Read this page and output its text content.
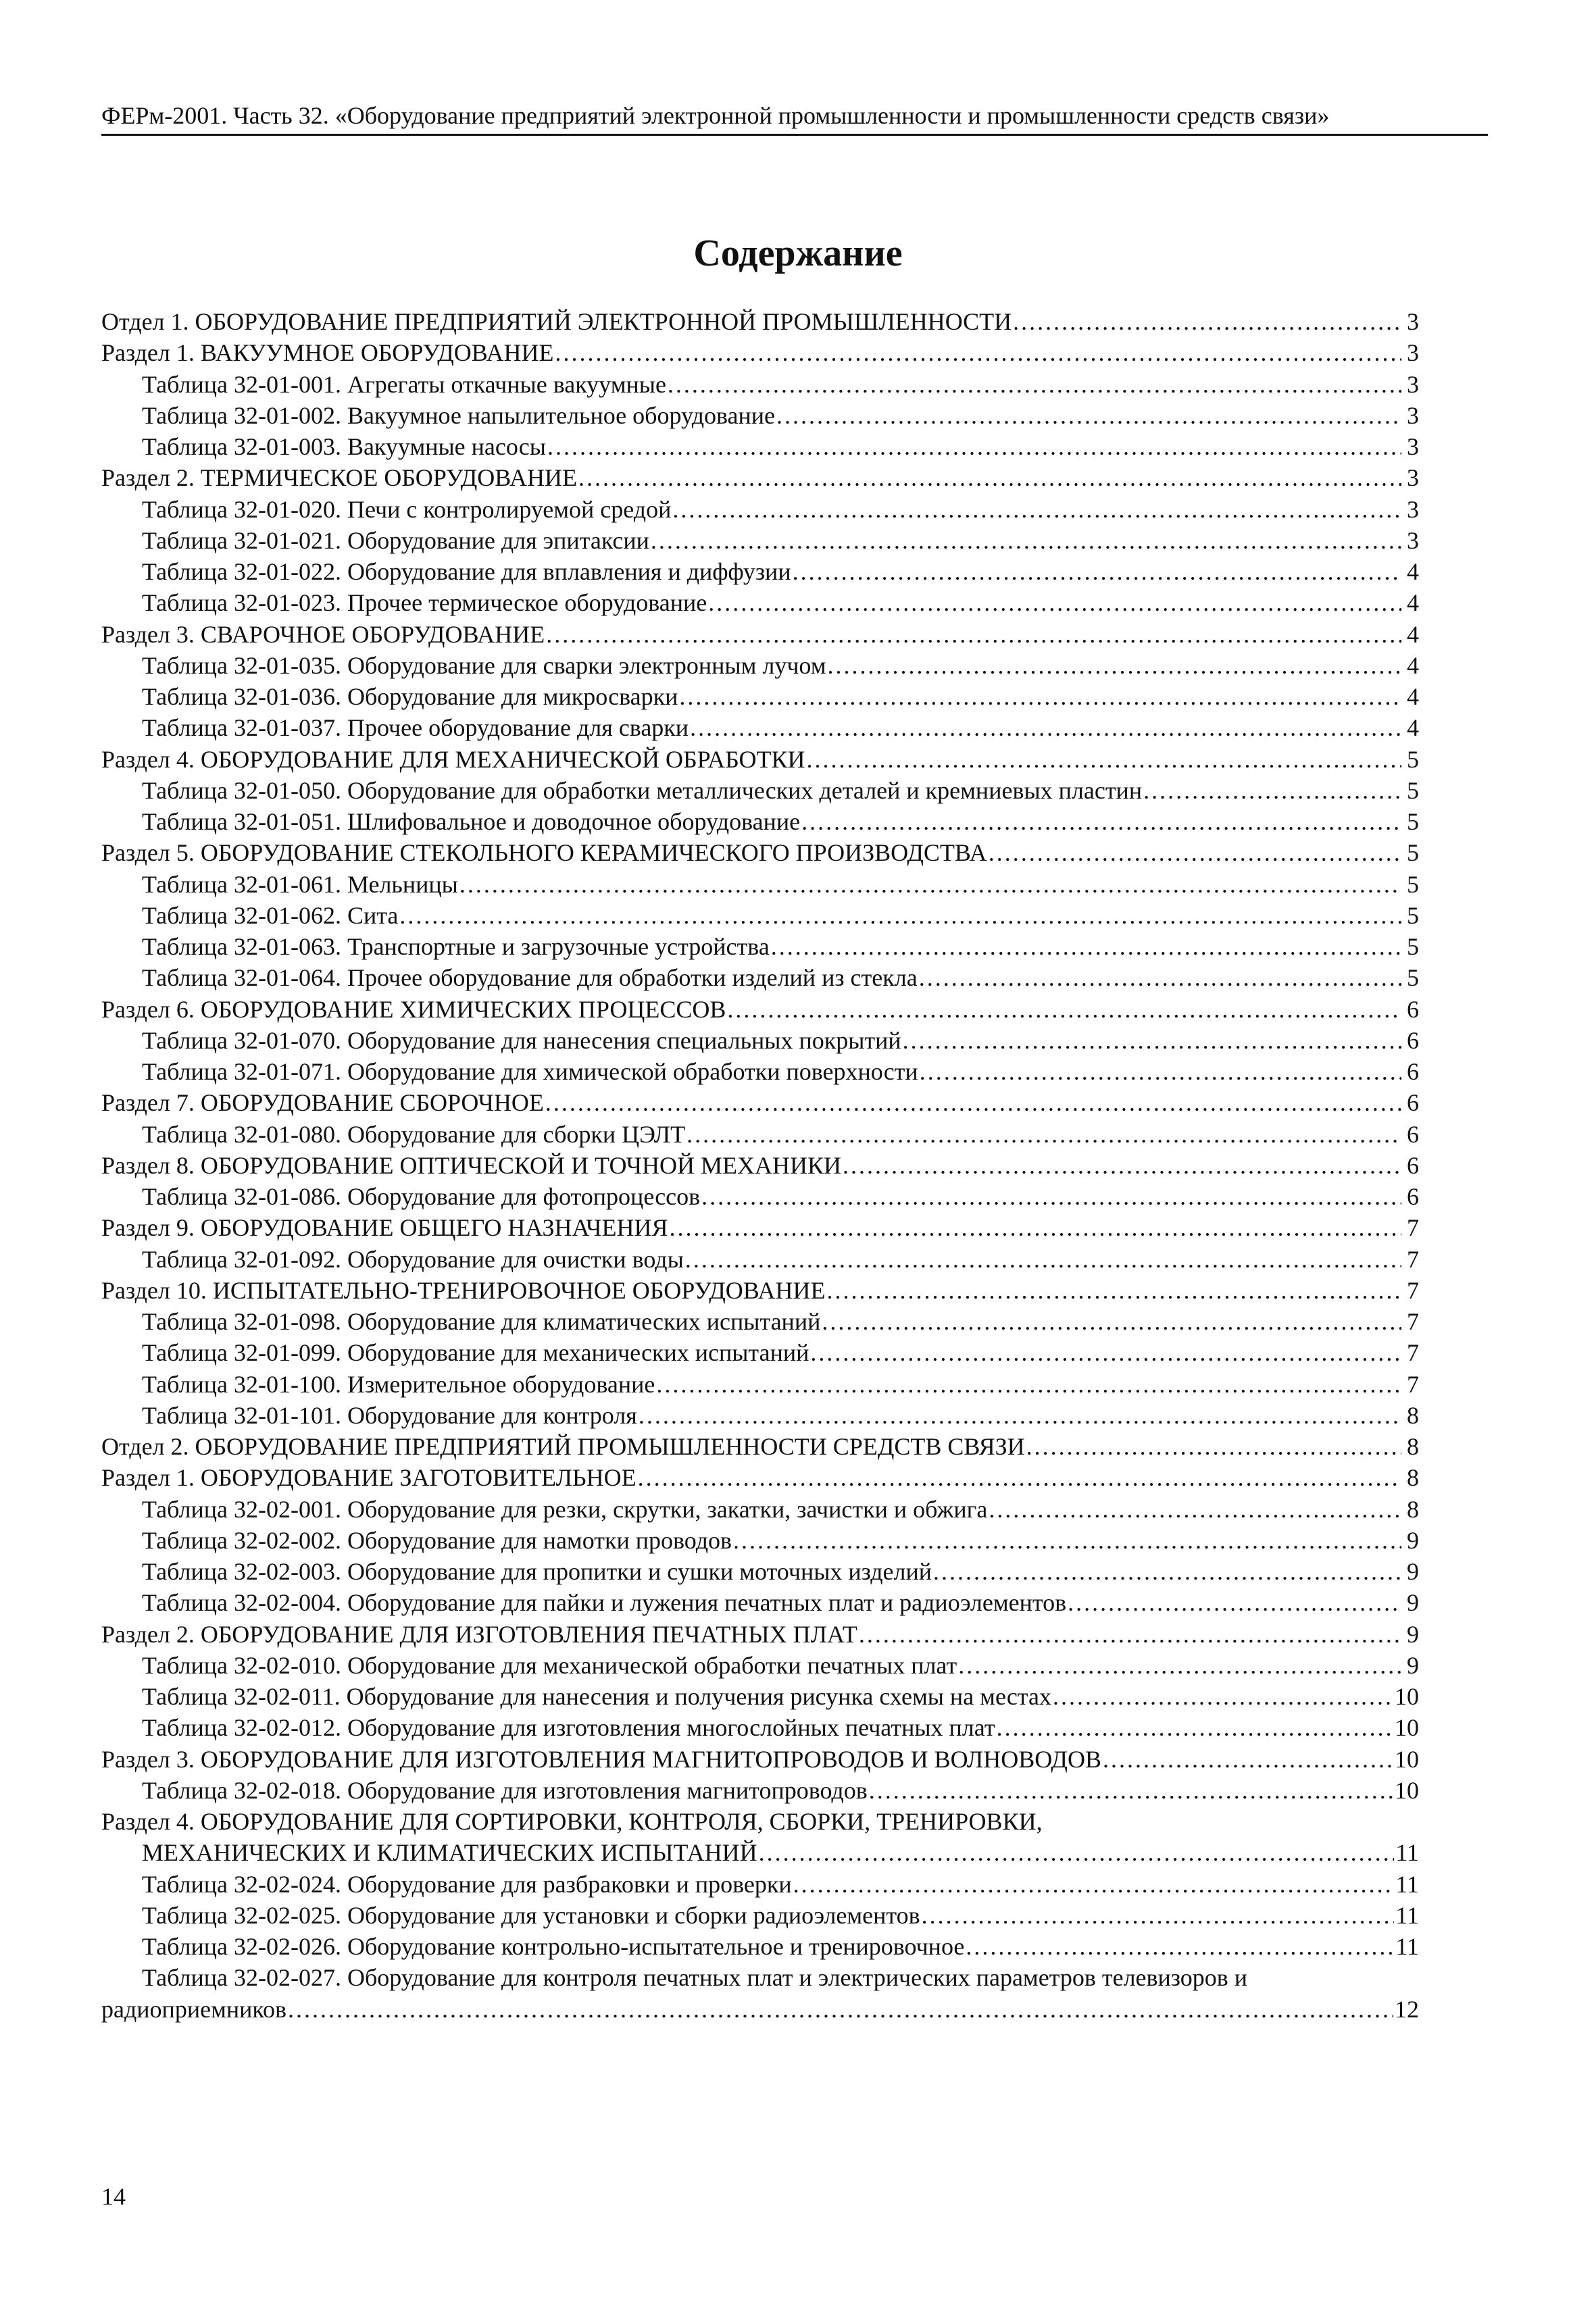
ФЕРм-2001. Часть 32. «Оборудование предприятий электронной промышленности и промышленности средств связи»
Содержание
Отдел 1. ОБОРУДОВАНИЕ ПРЕДПРИЯТИЙ ЭЛЕКТРОННОЙ ПРОМЫШЛЕННОСТИ .....	3
Раздел 1. ВАКУУМНОЕ ОБОРУДОВАНИЕ .....	3
Таблица 32-01-001. Агрегаты откачные вакуумные .....	3
Таблица 32-01-002. Вакуумное напылительное оборудование .....	3
Таблица 32-01-003. Вакуумные насосы .....	3
Раздел 2. ТЕРМИЧЕСКОЕ ОБОРУДОВАНИЕ .....	3
Таблица 32-01-020. Печи с контролируемой средой .....	3
Таблица 32-01-021. Оборудование для эпитаксии .....	3
Таблица 32-01-022. Оборудование для вплавления и диффузии .....	4
Таблица 32-01-023. Прочее термическое оборудование .....	4
Раздел 3. СВАРОЧНОЕ ОБОРУДОВАНИЕ .....	4
Таблица 32-01-035. Оборудование для сварки электронным лучом .....	4
Таблица 32-01-036. Оборудование для микросварки .....	4
Таблица 32-01-037. Прочее оборудование для сварки .....	4
Раздел 4. ОБОРУДОВАНИЕ ДЛЯ МЕХАНИЧЕСКОЙ ОБРАБОТКИ .....	5
Таблица 32-01-050. Оборудование для обработки металлических деталей и кремниевых пластин .....	5
Таблица 32-01-051. Шлифовальное и доводочное оборудование .....	5
Раздел 5. ОБОРУДОВАНИЕ СТЕКОЛЬНОГО КЕРАМИЧЕСКОГО ПРОИЗВОДСТВА .....	5
Таблица 32-01-061. Мельницы .....	5
Таблица 32-01-062. Сита .....	5
Таблица 32-01-063. Транспортные и загрузочные устройства .....	5
Таблица 32-01-064. Прочее оборудование для обработки изделий из стекла .....	5
Раздел 6. ОБОРУДОВАНИЕ ХИМИЧЕСКИХ ПРОЦЕССОВ .....	6
Таблица 32-01-070. Оборудование для нанесения специальных покрытий .....	6
Таблица 32-01-071. Оборудование для химической обработки поверхности .....	6
Раздел 7. ОБОРУДОВАНИЕ СБОРОЧНОЕ .....	6
Таблица 32-01-080. Оборудование для сборки ЦЭЛТ .....	6
Раздел 8. ОБОРУДОВАНИЕ ОПТИЧЕСКОЙ И ТОЧНОЙ МЕХАНИКИ .....	6
Таблица 32-01-086. Оборудование для фотопроцессов .....	6
Раздел 9. ОБОРУДОВАНИЕ ОБЩЕГО НАЗНАЧЕНИЯ .....	7
Таблица 32-01-092. Оборудование для очистки воды .....	7
Раздел 10. ИСПЫТАТЕЛЬНО-ТРЕНИРОВОЧНОЕ ОБОРУДОВАНИЕ .....	7
Таблица 32-01-098. Оборудование для климатических испытаний .....	7
Таблица 32-01-099. Оборудование для механических испытаний .....	7
Таблица 32-01-100. Измерительное оборудование .....	7
Таблица 32-01-101. Оборудование для контроля .....	8
Отдел 2. ОБОРУДОВАНИЕ ПРЕДПРИЯТИЙ ПРОМЫШЛЕННОСТИ СРЕДСТВ СВЯЗИ .....	8
Раздел 1. ОБОРУДОВАНИЕ ЗАГОТОВИТЕЛЬНОЕ .....	8
Таблица 32-02-001. Оборудование для резки, скрутки, закатки, зачистки и обжига .....	8
Таблица 32-02-002. Оборудование для намотки проводов .....	9
Таблица 32-02-003. Оборудование для пропитки и сушки моточных изделий .....	9
Таблица 32-02-004. Оборудование для пайки и лужения печатных плат и радиоэлементов .....	9
Раздел 2. ОБОРУДОВАНИЕ ДЛЯ ИЗГОТОВЛЕНИЯ ПЕЧАТНЫХ ПЛАТ .....	9
Таблица 32-02-010. Оборудование для механической обработки печатных плат .....	9
Таблица 32-02-011. Оборудование для нанесения и получения рисунка схемы на местах .....	10
Таблица 32-02-012. Оборудование для изготовления многослойных печатных плат .....	10
Раздел 3. ОБОРУДОВАНИЕ ДЛЯ ИЗГОТОВЛЕНИЯ МАГНИТОПРОВОДОВ И ВОЛНОВОДОВ .....	10
Таблица 32-02-018. Оборудование для изготовления магнитопроводов .....	10
Раздел 4. ОБОРУДОВАНИЕ ДЛЯ СОРТИРОВКИ, КОНТРОЛЯ, СБОРКИ, ТРЕНИРОВКИ,
МЕХАНИЧЕСКИХ И КЛИМАТИЧЕСКИХ ИСПЫТАНИЙ .....	11
Таблица 32-02-024. Оборудование для разбраковки и проверки .....	11
Таблица 32-02-025. Оборудование для установки и сборки радиоэлементов .....	11
Таблица 32-02-026. Оборудование контрольно-испытательное и тренировочное .....	11
Таблица 32-02-027. Оборудование для контроля печатных плат и электрических параметров телевизоров и
радиоприемников .....	12
14
